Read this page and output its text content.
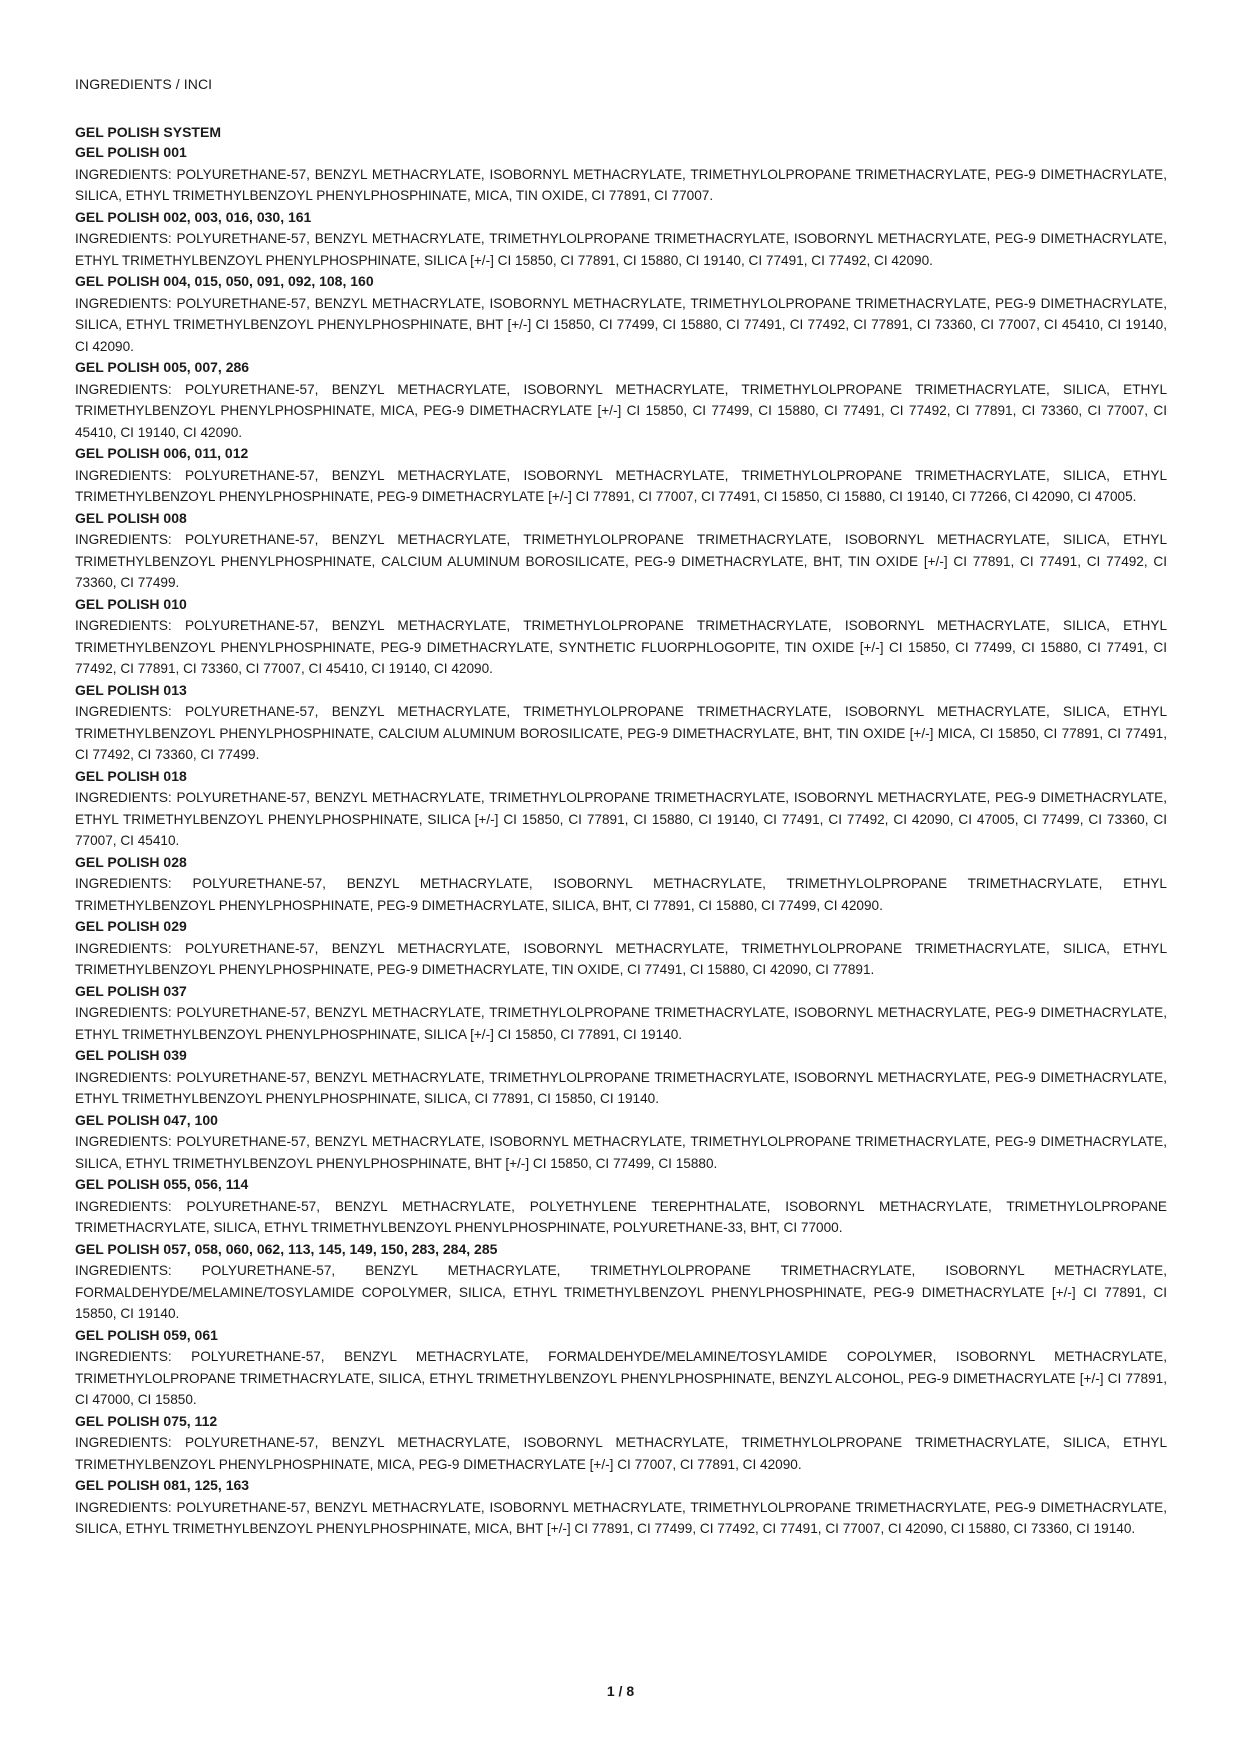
INGREDIENTS / INCI
GEL POLISH SYSTEM
GEL POLISH 001
INGREDIENTS: POLYURETHANE-57, BENZYL METHACRYLATE, ISOBORNYL METHACRYLATE, TRIMETHYLOLPROPANE TRIMETHACRYLATE, PEG-9 DIMETHACRYLATE, SILICA, ETHYL TRIMETHYLBENZOYL PHENYLPHOSPHINATE, MICA, TIN OXIDE, CI 77891, CI 77007.
GEL POLISH 002, 003, 016, 030, 161
INGREDIENTS: POLYURETHANE-57, BENZYL METHACRYLATE, TRIMETHYLOLPROPANE TRIMETHACRYLATE, ISOBORNYL METHACRYLATE, PEG-9 DIMETHACRYLATE, ETHYL TRIMETHYLBENZOYL PHENYLPHOSPHINATE, SILICA [+/-] CI 15850, CI 77891, CI 15880, CI 19140, CI 77491, CI 77492, CI 42090.
GEL POLISH 004, 015, 050, 091, 092, 108, 160
INGREDIENTS: POLYURETHANE-57, BENZYL METHACRYLATE, ISOBORNYL METHACRYLATE, TRIMETHYLOLPROPANE TRIMETHACRYLATE, PEG-9 DIMETHACRYLATE, SILICA, ETHYL TRIMETHYLBENZOYL PHENYLPHOSPHINATE, BHT [+/-] CI 15850, CI 77499, CI 15880, CI 77491, CI 77492, CI 77891, CI 73360, CI 77007, CI 45410, CI 19140, CI 42090.
GEL POLISH 005, 007, 286
INGREDIENTS: POLYURETHANE-57, BENZYL METHACRYLATE, ISOBORNYL METHACRYLATE, TRIMETHYLOLPROPANE TRIMETHACRYLATE, SILICA, ETHYL TRIMETHYLBENZOYL PHENYLPHOSPHINATE, MICA, PEG-9 DIMETHACRYLATE [+/-] CI 15850, CI 77499, CI 15880, CI 77491, CI 77492, CI 77891, CI 73360, CI 77007, CI 45410, CI 19140, CI 42090.
GEL POLISH 006, 011, 012
INGREDIENTS: POLYURETHANE-57, BENZYL METHACRYLATE, ISOBORNYL METHACRYLATE, TRIMETHYLOLPROPANE TRIMETHACRYLATE, SILICA, ETHYL TRIMETHYLBENZOYL PHENYLPHOSPHINATE, PEG-9 DIMETHACRYLATE [+/-] CI 77891, CI 77007, CI 77491, CI 15850, CI 15880, CI 19140, CI 77266, CI 42090, CI 47005.
GEL POLISH 008
INGREDIENTS: POLYURETHANE-57, BENZYL METHACRYLATE, TRIMETHYLOLPROPANE TRIMETHACRYLATE, ISOBORNYL METHACRYLATE, SILICA, ETHYL TRIMETHYLBENZOYL PHENYLPHOSPHINATE, CALCIUM ALUMINUM BOROSILICATE, PEG-9 DIMETHACRYLATE, BHT, TIN OXIDE [+/-] CI 77891, CI 77491, CI 77492, CI 73360, CI 77499.
GEL POLISH 010
INGREDIENTS: POLYURETHANE-57, BENZYL METHACRYLATE, TRIMETHYLOLPROPANE TRIMETHACRYLATE, ISOBORNYL METHACRYLATE, SILICA, ETHYL TRIMETHYLBENZOYL PHENYLPHOSPHINATE, PEG-9 DIMETHACRYLATE, SYNTHETIC FLUORPHLOGOPITE, TIN OXIDE [+/-] CI 15850, CI 77499, CI 15880, CI 77491, CI 77492, CI 77891, CI 73360, CI 77007, CI 45410, CI 19140, CI 42090.
GEL POLISH 013
INGREDIENTS: POLYURETHANE-57, BENZYL METHACRYLATE, TRIMETHYLOLPROPANE TRIMETHACRYLATE, ISOBORNYL METHACRYLATE, SILICA, ETHYL TRIMETHYLBENZOYL PHENYLPHOSPHINATE, CALCIUM ALUMINUM BOROSILICATE, PEG-9 DIMETHACRYLATE, BHT, TIN OXIDE [+/-] MICA, CI 15850, CI 77891, CI 77491, CI 77492, CI 73360, CI 77499.
GEL POLISH 018
INGREDIENTS: POLYURETHANE-57, BENZYL METHACRYLATE, TRIMETHYLOLPROPANE TRIMETHACRYLATE, ISOBORNYL METHACRYLATE, PEG-9 DIMETHACRYLATE, ETHYL TRIMETHYLBENZOYL PHENYLPHOSPHINATE, SILICA [+/-] CI 15850, CI 77891, CI 15880, CI 19140, CI 77491, CI 77492, CI 42090, CI 47005, CI 77499, CI 73360, CI 77007, CI 45410.
GEL POLISH 028
INGREDIENTS: POLYURETHANE-57, BENZYL METHACRYLATE, ISOBORNYL METHACRYLATE, TRIMETHYLOLPROPANE TRIMETHACRYLATE, ETHYL TRIMETHYLBENZOYL PHENYLPHOSPHINATE, PEG-9 DIMETHACRYLATE, SILICA, BHT, CI 77891, CI 15880, CI 77499, CI 42090.
GEL POLISH 029
INGREDIENTS: POLYURETHANE-57, BENZYL METHACRYLATE, ISOBORNYL METHACRYLATE, TRIMETHYLOLPROPANE TRIMETHACRYLATE, SILICA, ETHYL TRIMETHYLBENZOYL PHENYLPHOSPHINATE, PEG-9 DIMETHACRYLATE, TIN OXIDE, CI 77491, CI 15880, CI 42090, CI 77891.
GEL POLISH 037
INGREDIENTS: POLYURETHANE-57, BENZYL METHACRYLATE, TRIMETHYLOLPROPANE TRIMETHACRYLATE, ISOBORNYL METHACRYLATE, PEG-9 DIMETHACRYLATE, ETHYL TRIMETHYLBENZOYL PHENYLPHOSPHINATE, SILICA [+/-] CI 15850, CI 77891, CI 19140.
GEL POLISH 039
INGREDIENTS: POLYURETHANE-57, BENZYL METHACRYLATE, TRIMETHYLOLPROPANE TRIMETHACRYLATE, ISOBORNYL METHACRYLATE, PEG-9 DIMETHACRYLATE, ETHYL TRIMETHYLBENZOYL PHENYLPHOSPHINATE, SILICA, CI 77891, CI 15850, CI 19140.
GEL POLISH 047, 100
INGREDIENTS: POLYURETHANE-57, BENZYL METHACRYLATE, ISOBORNYL METHACRYLATE, TRIMETHYLOLPROPANE TRIMETHACRYLATE, PEG-9 DIMETHACRYLATE, SILICA, ETHYL TRIMETHYLBENZOYL PHENYLPHOSPHINATE, BHT [+/-] CI 15850, CI 77499, CI 15880.
GEL POLISH 055, 056, 114
INGREDIENTS: POLYURETHANE-57, BENZYL METHACRYLATE, POLYETHYLENE TEREPHTHALATE, ISOBORNYL METHACRYLATE, TRIMETHYLOLPROPANE TRIMETHACRYLATE, SILICA, ETHYL TRIMETHYLBENZOYL PHENYLPHOSPHINATE, POLYURETHANE-33, BHT, CI 77000.
GEL POLISH 057, 058, 060, 062, 113, 145, 149, 150, 283, 284, 285
INGREDIENTS: POLYURETHANE-57, BENZYL METHACRYLATE, TRIMETHYLOLPROPANE TRIMETHACRYLATE, ISOBORNYL METHACRYLATE, FORMALDEHYDE/MELAMINE/TOSYLAMIDE COPOLYMER, SILICA, ETHYL TRIMETHYLBENZOYL PHENYLPHOSPHINATE, PEG-9 DIMETHACRYLATE [+/-] CI 77891, CI 15850, CI 19140.
GEL POLISH 059, 061
INGREDIENTS: POLYURETHANE-57, BENZYL METHACRYLATE, FORMALDEHYDE/MELAMINE/TOSYLAMIDE COPOLYMER, ISOBORNYL METHACRYLATE, TRIMETHYLOLPROPANE TRIMETHACRYLATE, SILICA, ETHYL TRIMETHYLBENZOYL PHENYLPHOSPHINATE, BENZYL ALCOHOL, PEG-9 DIMETHACRYLATE [+/-] CI 77891, CI 47000, CI 15850.
GEL POLISH 075, 112
INGREDIENTS: POLYURETHANE-57, BENZYL METHACRYLATE, ISOBORNYL METHACRYLATE, TRIMETHYLOLPROPANE TRIMETHACRYLATE, SILICA, ETHYL TRIMETHYLBENZOYL PHENYLPHOSPHINATE, MICA, PEG-9 DIMETHACRYLATE [+/-] CI 77007, CI 77891, CI 42090.
GEL POLISH 081, 125, 163
INGREDIENTS: POLYURETHANE-57, BENZYL METHACRYLATE, ISOBORNYL METHACRYLATE, TRIMETHYLOLPROPANE TRIMETHACRYLATE, PEG-9 DIMETHACRYLATE, SILICA, ETHYL TRIMETHYLBENZOYL PHENYLPHOSPHINATE, MICA, BHT [+/-] CI 77891, CI 77499, CI 77492, CI 77491, CI 77007, CI 42090, CI 15880, CI 73360, CI 19140.
1 / 8
